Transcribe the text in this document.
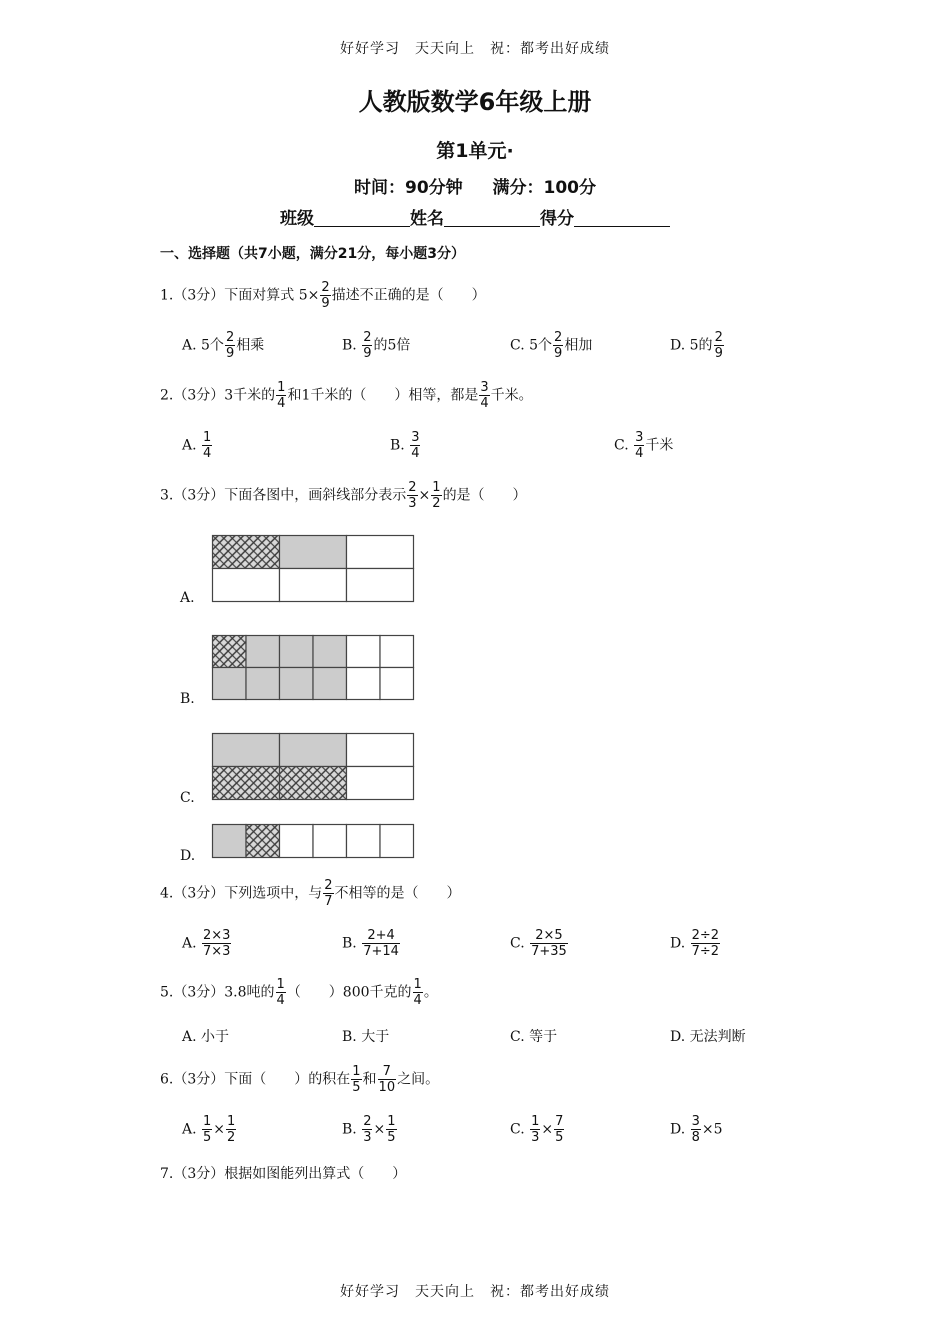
好好学习　天天向上　祝：都考出好成绩
人教版数学6年级上册
第1单元·
时间：90分钟 满分：100分
班级	姓名	得分
一、选择题（共7小题，满分21分，每小题3分）
1.（3分）下面对算式 $5\times \frac{2}{9}$ 描述不正确的是（　　）
A. 5个 $\frac{2}{9}$ 相乘	B. $\frac{2}{9}$ 的5倍	C. 5个 $\frac{2}{9}$ 相加	D. 5的 $\frac{2}{9}$
2.（3分）3千米的 $\frac{1}{4}$ 和1千米的（　　）相等，都是 $\frac{3}{4}$ 千米。
A. $\frac{1}{4}$	B. $\frac{3}{4}$	C. $\frac{3}{4}$ 千米
3.（3分）下面各图中，画斜线部分表示 $\frac{2}{3} \times \frac{1}{2}$ 的是（　　）
A.
B.
C.
D.
4.（3分）下列选项中，与 $\frac{2}{7}$ 不相等的是（　　）
A. $\frac{2\times 3}{7\times 3}$	B. $\frac{2+4}{7+14}$	C. $\frac{2\times 5}{7+35}$	D. $\frac{2\div 2}{7\div 2}$
5.（3分）3.8吨的 $\frac{1}{4}$ （　　）800千克的 $\frac{1}{4}$ 。
A. 小于	B. 大于	C. 等于	D. 无法判断
6.（3分）下面（　　）的积在 $\frac{1}{5}$ 和 $\frac{7}{10}$ 之间。
A. $\frac{1}{5} \times \frac{1}{2}$	B. $\frac{2}{3} \times \frac{1}{5}$	C. $\frac{1}{3} \times \frac{7}{5}$	D. $\frac{3}{8} \times 5$
7.（3分）根据如图能列出算式（　　）
好好学习　天天向上　祝：都考出好成绩
